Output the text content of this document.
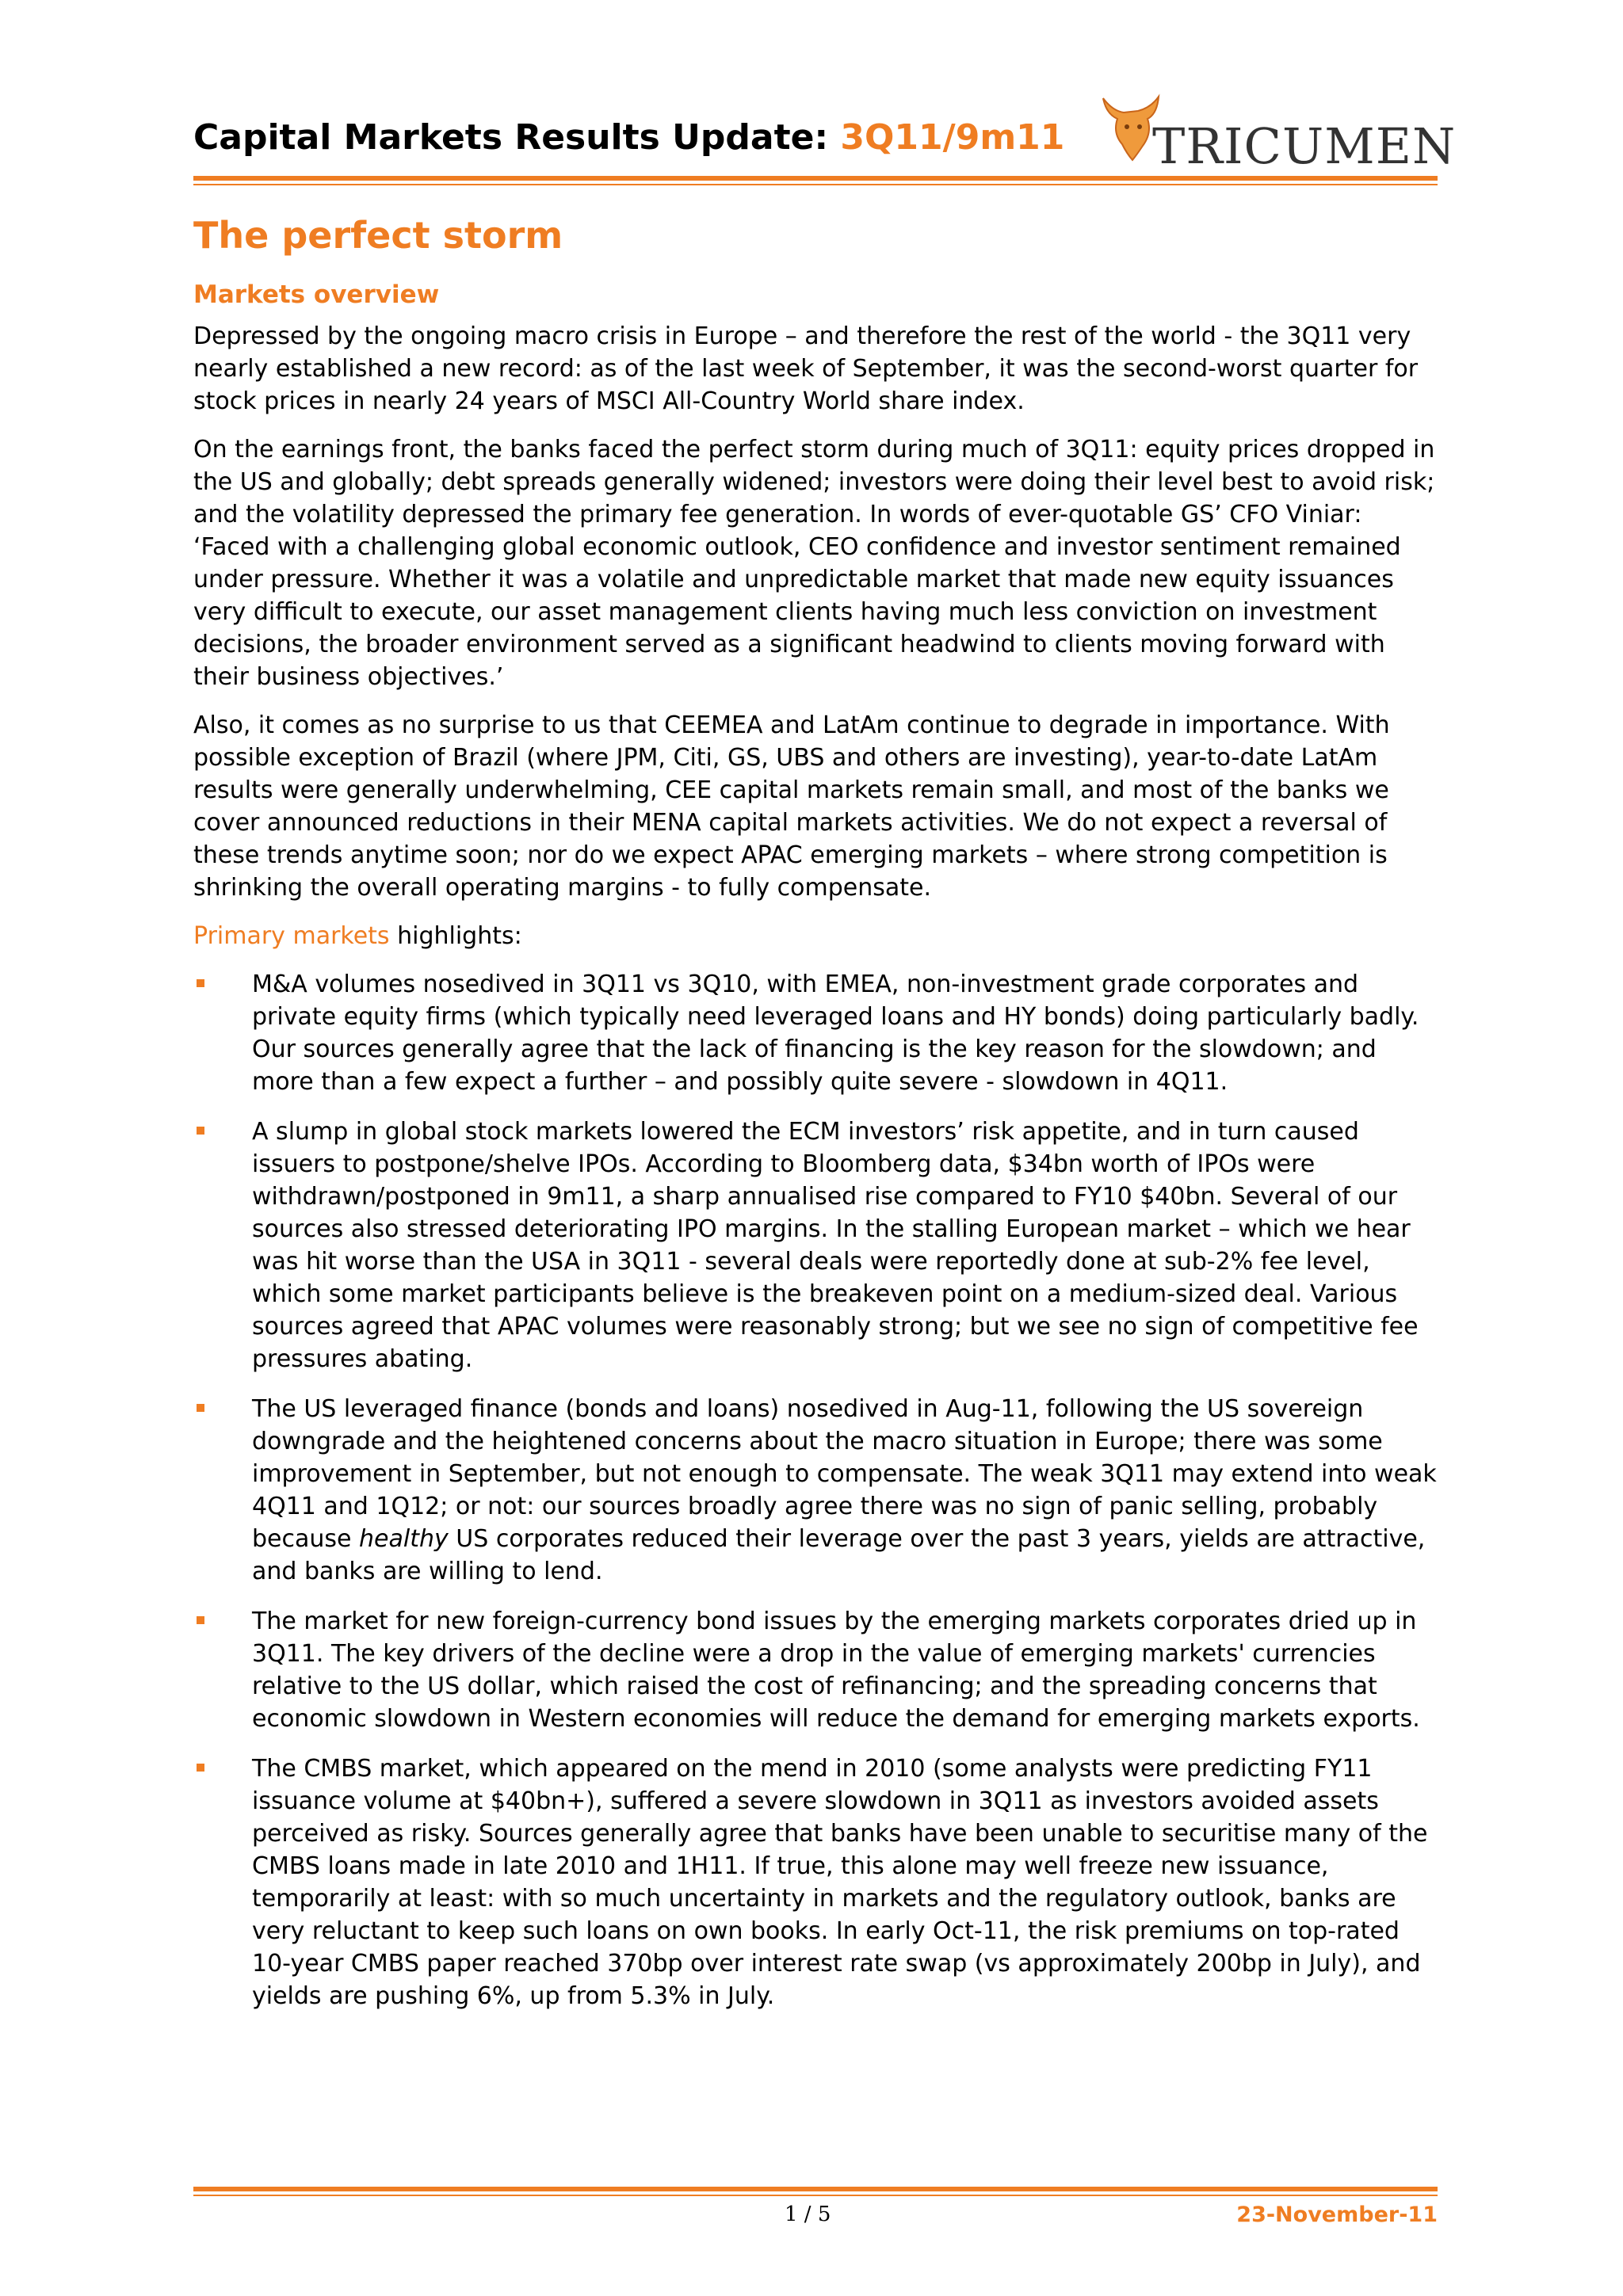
Capital Markets Results Update: 3Q11/9m11 TRICUMEN
The perfect storm
Markets overview

Depressed by the ongoing macro crisis in Europe – and therefore the rest of the world - the 3Q11 very nearly established a new record: as of the last week of September, it was the second-worst quarter for stock prices in nearly 24 years of MSCI All-Country World share index.

On the earnings front, the banks faced the perfect storm during much of 3Q11: equity prices dropped in the US and globally; debt spreads generally widened; investors were doing their level best to avoid risk; and the volatility depressed the primary fee generation. In words of ever-quotable GS’ CFO Viniar: ‘Faced with a challenging global economic outlook, CEO confidence and investor sentiment remained under pressure. Whether it was a volatile and unpredictable market that made new equity issuances very difficult to execute, our asset management clients having much less conviction on investment decisions, the broader environment served as a significant headwind to clients moving forward with their business objectives.’

Also, it comes as no surprise to us that CEEMEA and LatAm continue to degrade in importance. With possible exception of Brazil (where JPM, Citi, GS, UBS and others are investing), year-to-date LatAm results were generally underwhelming, CEE capital markets remain small, and most of the banks we cover announced reductions in their MENA capital markets activities. We do not expect a reversal of these trends anytime soon; nor do we expect APAC emerging markets – where strong competition is shrinking the overall operating margins - to fully compensate.

Primary markets highlights:

M&A volumes nosedived in 3Q11 vs 3Q10, with EMEA, non-investment grade corporates and private equity firms (which typically need leveraged loans and HY bonds) doing particularly badly. Our sources generally agree that the lack of financing is the key reason for the slowdown; and more than a few expect a further – and possibly quite severe - slowdown in 4Q11.
A slump in global stock markets lowered the ECM investors’ risk appetite, and in turn caused issuers to postpone/shelve IPOs. According to Bloomberg data, $34bn worth of IPOs were withdrawn/postponed in 9m11, a sharp annualised rise compared to FY10 $40bn. Several of our sources also stressed deteriorating IPO margins. In the stalling European market – which we hear was hit worse than the USA in 3Q11 - several deals were reportedly done at sub-2% fee level, which some market participants believe is the breakeven point on a medium-sized deal. Various sources agreed that APAC volumes were reasonably strong; but we see no sign of competitive fee pressures abating.
The US leveraged finance (bonds and loans) nosedived in Aug-11, following the US sovereign downgrade and the heightened concerns about the macro situation in Europe; there was some improvement in September, but not enough to compensate. The weak 3Q11 may extend into weak 4Q11 and 1Q12; or not: our sources broadly agree there was no sign of panic selling, probably because healthy US corporates reduced their leverage over the past 3 years, yields are attractive, and banks are willing to lend.
The market for new foreign-currency bond issues by the emerging markets corporates dried up in 3Q11. The key drivers of the decline were a drop in the value of emerging markets' currencies relative to the US dollar, which raised the cost of refinancing; and the spreading concerns that economic slowdown in Western economies will reduce the demand for emerging markets exports.
The CMBS market, which appeared on the mend in 2010 (some analysts were predicting FY11 issuance volume at $40bn+), suffered a severe slowdown in 3Q11 as investors avoided assets perceived as risky. Sources generally agree that banks have been unable to securitise many of the CMBS loans made in late 2010 and 1H11. If true, this alone may well freeze new issuance, temporarily at least: with so much uncertainty in markets and the regulatory outlook, banks are very reluctant to keep such loans on own books. In early Oct-11, the risk premiums on top-rated 10-year CMBS paper reached 370bp over interest rate swap (vs approximately 200bp in July), and yields are pushing 6%, up from 5.3% in July.
1 / 5	23-November-11
